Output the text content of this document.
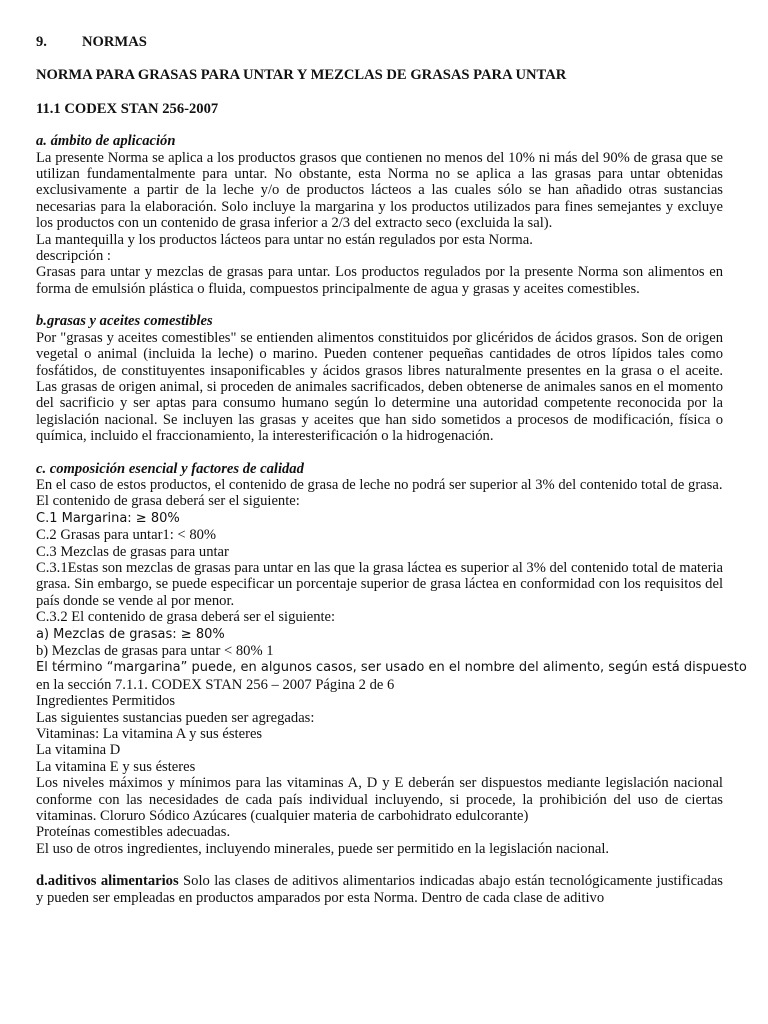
9. NORMAS

NORMA PARA GRASAS PARA UNTAR Y MEZCLAS DE GRASAS PARA UNTAR

11.1 CODEX STAN 256-2007

a. ámbito de aplicación

La presente Norma se aplica a los productos grasos que contienen no menos del 10% ni más del 90% de grasa que se utilizan fundamentalmente para untar. No obstante, esta Norma no se aplica a las grasas para untar obtenidas exclusivamente a partir de la leche y/o de productos lácteos a las cuales sólo se han añadido otras sustancias necesarias para la elaboración. Solo incluye la margarina y los productos utilizados para fines semejantes y excluye los productos con un contenido de grasa inferior a 2/3 del extracto seco (excluida la sal).

La mantequilla y los productos lácteos para untar no están regulados por esta Norma.

descripción :

Grasas para untar y mezclas de grasas para untar. Los productos regulados por la presente Norma son alimentos en forma de emulsión plástica o fluida, compuestos principalmente de agua y grasas y aceites comestibles.

b.grasas y aceites comestibles

Por "grasas y aceites comestibles" se entienden alimentos constituidos por glicéridos de ácidos grasos. Son de origen vegetal o animal (incluida la leche) o marino. Pueden contener pequeñas cantidades de otros lípidos tales como fosfátidos, de constituyentes insaponificables y ácidos grasos libres naturalmente presentes en la grasa o el aceite. Las grasas de origen animal, si proceden de animales sacrificados, deben obtenerse de animales sanos en el momento del sacrificio y ser aptas para consumo humano según lo determine una autoridad competente reconocida por la legislación nacional. Se incluyen las grasas y aceites que han sido sometidos a procesos de modificación, física o química, incluido el fraccionamiento, la interesterificación o la hidrogenación.

c. composición esencial y factores de calidad

En el caso de estos productos, el contenido de grasa de leche no podrá ser superior al 3% del contenido total de grasa.

El contenido de grasa deberá ser el siguiente:

C.1 Margarina: ≥ 80%

C.2 Grasas para untar1: < 80%

C.3 Mezclas de grasas para untar

C.3.1Estas son mezclas de grasas para untar en las que la grasa láctea es superior al 3% del contenido total de materia grasa. Sin embargo, se puede especificar un porcentaje superior de grasa láctea en conformidad con los requisitos del país donde se vende al por menor.

C.3.2 El contenido de grasa deberá ser el siguiente:

a) Mezclas de grasas: ≥ 80%

b) Mezclas de grasas para untar < 80% 1

El término “margarina” puede, en algunos casos, ser usado en el nombre del alimento, según está dispuesto

en la sección 7.1.1. CODEX STAN 256 – 2007 Página 2 de 6

Ingredientes Permitidos

Las siguientes sustancias pueden ser agregadas:

Vitaminas: La vitamina A y sus ésteres

La vitamina D

La vitamina E y sus ésteres

Los niveles máximos y mínimos para las vitaminas A, D y E deberán ser dispuestos mediante legislación nacional conforme con las necesidades de cada país individual incluyendo, si procede, la prohibición del uso de ciertas vitaminas. Cloruro Sódico Azúcares (cualquier materia de carbohidrato edulcorante)

Proteínas comestibles adecuadas.

El uso de otros ingredientes, incluyendo minerales, puede ser permitido en la legislación nacional.

d.aditivos alimentarios Solo las clases de aditivos alimentarios indicadas abajo están tecnológicamente justificadas y pueden ser empleadas en productos amparados por esta Norma. Dentro de cada clase de aditivo
